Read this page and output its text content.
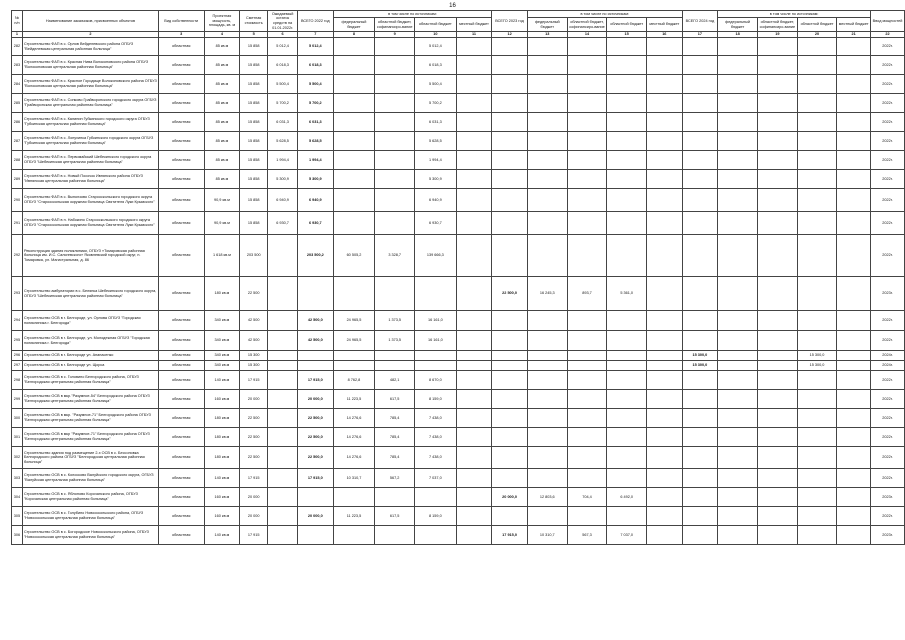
16
№ п/п	Наименование заказчиков, присвоенных объектов	Вид собственности	Проектная мощность, площадь, кв. м	Сметная стоимость	Ожидаемый остаток средств на 01.01.2022г.	ВСЕГО 2022 год	в том числе по источникам:				ВСЕГО 2023 год	в том числе по источникам:				ВСЕГО 2024 год	в том числе по источникам:				Ввод мощностей
							федеральный бюджет	областной бюджет, софинансиро-вание	областной бюджет	местный бюджет		федеральный бюджет	областной бюджет, софинансиро-вание	областной бюджет	местный бюджет		федеральный бюджет	областной бюджет, софинансиро-вание	областной бюджет	местный бюджет	
1	2	3	4	5	6	7	8	9	10	11	12	13	14	15	16	17	18	19	20	21	22
282	Строительство ФАП в с. Орлов Вейделевского района ОГБУЗ "Вейделевская центральная районная больница"	областная	85 кв.м	15 858	5 012,4	5 012,4			5 012,4												2022г.
283	Строительство ФАП в с. Красная Нива Волоконовского района ОГБУЗ "Волоконовская центральная районная больница"	областная	85 кв.м	15 858	6 018,3	6 018,3			6 018,3												2022г.
284	Строительство ФАП в с. Красное Городище Волоконовского района ОГБУЗ "Волоконовская центральная районная больница"	областная	85 кв.м	15 858	5 500,4	5 500,4			5 500,4												2022г.
285	Строительство ФАП в с. Сонково Грайворонского городского округа ОГБУЗ "Грайворонская центральная районная больница"	областная	85 кв.м	15 858	5 700,2	5 700,2			5 700,2												2022г.
286	Строительство ФАП в с. Калинин Губкинского городского округа ОГБУЗ "Губкинская центральная районная больница"	областная	85 кв.м	15 858	6 031,3	6 031,3			6 031,3												2022г.
287	Строительство ФАП в с. Лопухинка Губкинского городского округа ОГБУЗ "Губкинская центральная районная больница"	областная	85 кв.м	15 858	5 628,5	5 628,5			5 628,5												2022г.
288	Строительство ФАП в с. Первомайский Шебекинского городского округа ОГБУЗ "Шебекинская центральная районная больница"	областная	85 кв.м	15 858	1 994,4	1 994,4			1 994,4												2022г.
289	Строительство ФАП в с. Новый Посочок Ивнянского района ОГБУЗ "Ивнянская центральная районная больница"	областная	85 кв.м	15 858	5 300,9	5 300,9			5 300,9												2022г.
290	Строительство ФАП в с. Выползово Старооскольского городского округа ОГБУЗ "Старооскольская окружная больница Святителя Луки Крымского"	областная	90,9 кв.м	15 858	6 940,9	6 940,9			6 940,9												2022г.
291	Строительство ФАП в п. Набокино Старооскольского городского округа ОГБУЗ "Старооскольская окружная больница Святителя Луки Крымского"	областная	90,9 кв.м	15 858	6 930,7	6 930,7			6 930,7												2022г.
292	Реконструкция здания поликлиники, ОГБУЗ «Томаровская районная больница им. И.С. Сальтевского» Яковлевский городской округ, п. Томаровка, ул. Магистральная, д. 86	областная	1 618 кв.м	203 500		203 500,2	60 505,2	3 328,7	139 666,3												2022г.
293	Строительство амбулатории в с. Белянка Шебекинского городского округа, ОГБУЗ "Шебекинская центральная районная больница"	областная	180 кв.м	22 500							22 500,0	16 245,3	893,7	5 361,0							2023г.
294	Строительство ОСВ в г. Белгороде, ул. Орлова ОГБУЗ "Городская поликлиника г. Белгорода"	областная	340 кв.м	42 500		42 500,0	24 965,5	1 373,5	16 161,0												2022г.
295	Строительство ОСВ в г. Белгороде, ул. Молодежная ОГБУЗ "Городская поликлиника г. Белгорода"	областная	340 кв.м	42 500		42 500,0	24 965,5	1 373,5	16 161,0												2022г.
296	Строительство ОСВ в г. Белгороде ул. Апанасенко	областная	340 кв.м	15 300												15 300,0			15 300,0		2024г.
297	Строительство ОСВ в г. Белгороде ул. Щорса	областная	340 кв.м	15 300												15 300,0			15 300,0		2024г.
298	Строительство ОСВ в с. Головино Белгородского района, ОГБУЗ "Белгородская центральная районная больница"	областная	140 кв.м	17 915		17 915,0	8 762,8	482,1	8 670,0												2022г.
299	Строительство ОСВ в мкр."Разумное-54" Белгородского района ОГБУЗ "Белгородская центральная районная больница"	областная	160 кв.м	20 000		20 000,0	11 223,5	617,5	8 159,0												2022г.
300	Строительство ОСВ в мкр. "Разумное-71" Белгородского района ОГБУЗ "Белгородская центральная районная больница"	областная	180 кв.м	22 500		22 500,0	14 276,6	785,4	7 438,0												2022г.
301	Строительство ОСВ в мкр "Разумное-71" Белгородского района ОГБУЗ "Белгородская центральная районная больница"	областная	180 кв.м	22 500		22 500,0	14 276,6	785,4	7 438,0												2022г.
302	Строительство здания под размещение 2-х ОСВ в с. Бессоновка Белгородского района ОГБУЗ "Белгородская центральная районная больница"	областная	180 кв.м	22 500		22 500,0	14 276,6	785,4	7 438,0												2022г.
303	Строительство ОСВ в с. Колосково Валуйского городского округа, ОГБУЗ "Валуйская центральная районная больница"	областная	140 кв.м	17 915		17 915,0	10 310,7	567,2	7 037,0												2022г.
304	Строительство ОСВ в с. Яблоново Корочанского района, ОГБУЗ "Корочанская центральная районная больница"	областная	160 кв.м	20 000							20 000,0	12 803,6	704,4	6 492,0							2023г.
305	Строительство ОСВ в с. Голубино Новооскольского района, ОГБУЗ "Новооскольская центральная районная больница"	областная	160 кв.м	20 000		20 000,0	11 223,5	617,5	8 159,0												2022г.
306	Строительство ОСВ в с. Богородское Новооскольского района, ОГБУЗ "Новооскольская центральная районная больница"	областная	140 кв.м	17 915							17 915,0	10 310,7	567,3	7 037,0							2023г.
